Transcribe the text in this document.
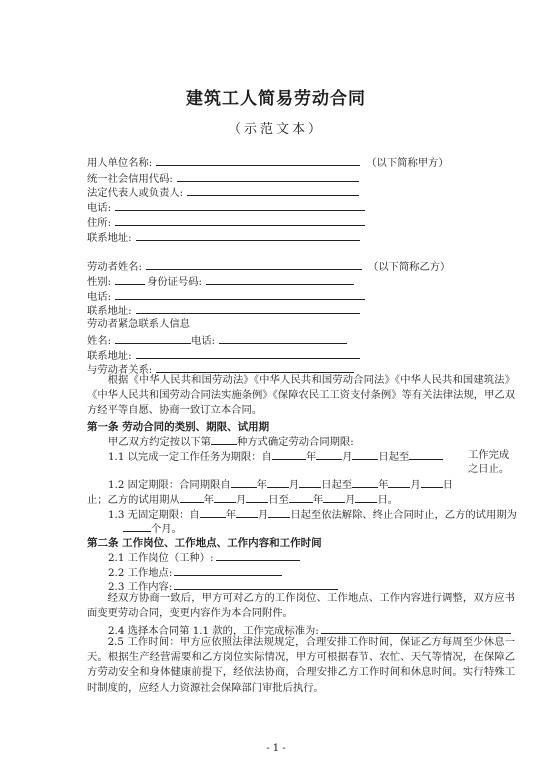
建筑工人简易劳动合同
（示范文本）
用人单位名称:	（以下简称甲方）
统一社会信用代码:
法定代表人或负责人:
电话:
住所:
联系地址:
劳动者姓名:	（以下简称乙方）
性别:	身份证号码:
电话:
联系地址:
劳动者紧急联系人信息
姓名:	电话:
联系地址:
与劳动者关系:
根据《中华人民共和国劳动法》《中华人民共和国劳动合同法》《中华人民共和国建筑法》《中华人民共和国劳动合同法实施条例》《保障农民工工资支付条例》等有关法律法规，甲乙双方经平等自愿、协商一致订立本合同。
第一条 劳动合同的类别、期限、试用期
甲乙双方约定按以下第	种方式确定劳动合同期限:
1.1 以完成一定工作任务为期限：自	年	月	日起至	工作完成之日止。
1.2 固定期限：合同期限自	年 月 日起至	年 月 日
止；乙方的试用期从 年 月 日至 年 月 日。
1.3 无固定期限：自	年 月 日起至依法解除、终止合同时止，乙方的试用期为
个月。
第二条 工作岗位、工作地点、工作内容和工作时间
2.1 工作岗位（工种）:
2.2 工作地点:
2.3 工作内容:
经双方协商一致后，甲方可对乙方的工作岗位、工作地点、工作内容进行调整，双方应书面变更劳动合同，变更内容作为本合同附件。
2.4 选择本合同第 1.1 款的，工作完成标准为:
2.5 工作时间：甲方应依照法律法规规定，合理安排工作时间，保证乙方每周至少休息一天。根据生产经营需要和乙方岗位实际情况，甲方可根据春节、农忙、天气等情况，在保障乙方劳动安全和身体健康前提下，经依法协商，合理安排乙方工作时间和休息时间。实行特殊工时制度的，应经人力资源社会保障部门审批后执行。
- 1 -
